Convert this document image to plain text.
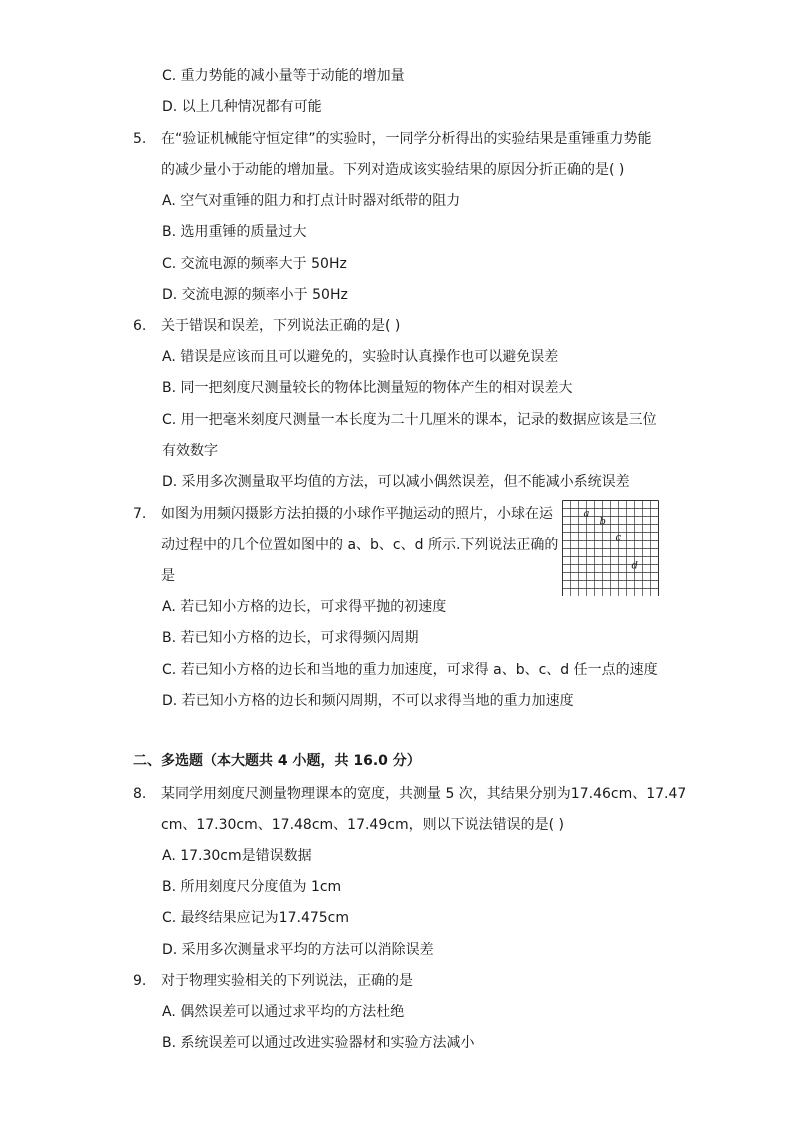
C. 重力势能的减小量等于动能的增加量
D. 以上几种情况都有可能
5. 在“验证机械能守恒定律”的实验时，一同学分析得出的实验结果是重锤重力势能
的减少量小于动能的增加量。下列对造成该实验结果的原因分折正确的是( )
A. 空气对重锤的阻力和打点计时器对纸带的阻力
B. 选用重锤的质量过大
C. 交流电源的频率大于 50Hz
D. 交流电源的频率小于 50Hz
6. 关于错误和误差，下列说法正确的是( )
A. 错误是应该而且可以避免的，实验时认真操作也可以避免误差
B. 同一把刻度尺测量较长的物体比测量短的物体产生的相对误差大
C. 用一把毫米刻度尺测量一本长度为二十几厘米的课本，记录的数据应该是三位
有效数字
D. 采用多次测量取平均值的方法，可以减小偶然误差，但不能减小系统误差
7. 如图为用频闪摄影方法拍摄的小球作平抛运动的照片，小球在运
动过程中的几个位置如图中的 a、b、c、d 所示.下列说法正确的
是
a
b
c
d
A. 若已知小方格的边长，可求得平抛的初速度
B. 若已知小方格的边长，可求得频闪周期
C. 若已知小方格的边长和当地的重力加速度，可求得 a、b、c、d 任一点的速度
D. 若已知小方格的边长和频闪周期，不可以求得当地的重力加速度
二、多选题（本大题共 4 小题，共 16.0 分）
8. 某同学用刻度尺测量物理课本的宽度，共测量 5 次，其结果分别为17.46cm、17.47
cm、17.30cm、17.48cm、17.49cm，则以下说法错误的是( )
A. 17.30cm是错误数据
B. 所用刻度尺分度值为 1cm
C. 最终结果应记为17.475cm
D. 采用多次测量求平均的方法可以消除误差
9. 对于物理实验相关的下列说法，正确的是
A. 偶然误差可以通过求平均的方法杜绝
B. 系统误差可以通过改进实验器材和实验方法减小
